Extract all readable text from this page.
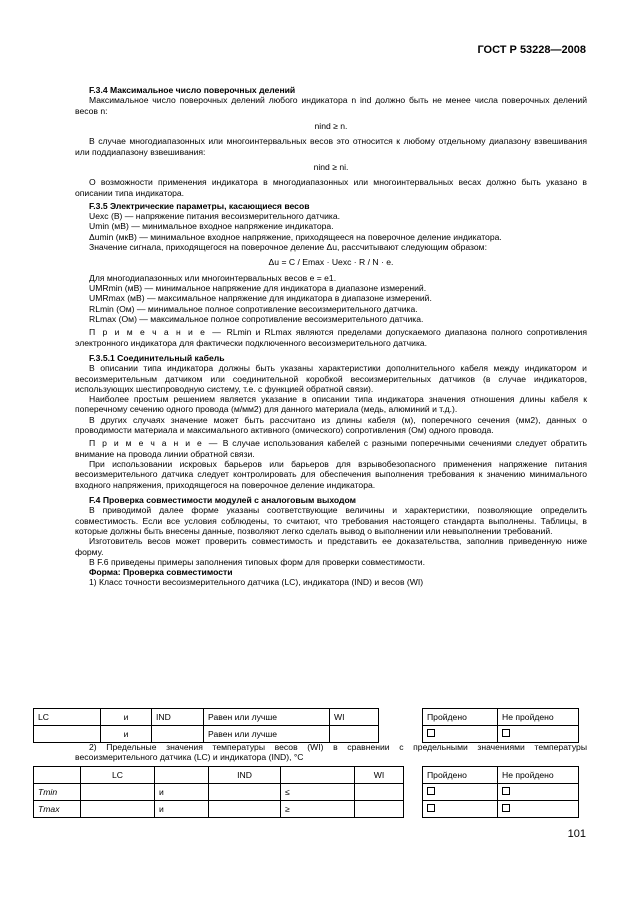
ГОСТ Р 53228—2008

F.3.4 Максимальное число поверочных делений

Максимальное число поверочных делений любого индикатора n ind должно быть не менее числа поверочных делений весов n:

nind ≥ n.

В случае многодиапазонных или многоинтервальных весов это относится к любому отдельному диапазону взвешивания или поддиапазону взвешивания:

nind ≥ ni.

О возможности применения индикатора в многодиапазонных или многоинтервальных весах должно быть указано в описании типа индикатора.

F.3.5 Электрические параметры, касающиеся весов

Uexc (В) — напряжение питания весоизмерительного датчика.

Umin (мВ) — минимальное входное напряжение индикатора.

Δumin (мкВ) — минимальное входное напряжение, приходящееся на поверочное деление индикатора.

Значение сигнала, приходящегося на поверочное деление Δu, рассчитывают следующим образом:

Δu = C / Emax · Uexc · R / N · e.

Для многодиапазонных или многоинтервальных весов e = e1.

UMRmin (мВ) — минимальное напряжение для индикатора в диапазоне измерений.

UMRmax (мВ) — максимальное напряжение для индикатора в диапазоне измерений.

RLmin (Ом) — минимальное полное сопротивление весоизмерительного датчика.

RLmax (Ом) — максимальное полное сопротивление весоизмерительного датчика.

П р и м е ч а н и е — RLmin и RLmax являются пределами допускаемого диапазона полного сопротивления электронного индикатора для фактически подключенного весоизмерительного датчика.

F.3.5.1 Соединительный кабель

В описании типа индикатора должны быть указаны характеристики дополнительного кабеля между индикатором и весоизмерительным датчиком или соединительной коробкой весоизмерительных датчиков (в случае индикаторов, использующих шестипроводную систему, т.е. с функцией обратной связи).

Наиболее простым решением является указание в описании типа индикатора значения отношения длины кабеля к поперечному сечению одного провода (м/мм2) для данного материала (медь, алюминий и т.д.).

В других случаях значение может быть рассчитано из длины кабеля (м), поперечного сечения (мм2), данных о проводимости материала и максимального активного (омического) сопротивления (Ом) одного провода.

П р и м е ч а н и е — В случае использования кабелей с разными поперечными сечениями следует обратить внимание на провода линии обратной связи.

При использовании искровых барьеров или барьеров для взрывобезопасного применения напряжение питания весоизмерительного датчика следует контролировать для обеспечения выполнения требования к значению минимального входного напряжения, приходящегося на поверочное деление индикатора.

F.4 Проверка совместимости модулей с аналоговым выходом

В приводимой далее форме указаны соответствующие величины и характеристики, позволяющие определить совместимость. Если все условия соблюдены, то считают, что требования настоящего стандарта выполнены. Таблицы, в которые должны быть внесены данные, позволяют легко сделать вывод о выполнении или невыполнении требований.

Изготовитель весов может проверить совместимость и представить ее доказательства, заполнив приведенную ниже форму.

В F.6 приведены примеры заполнения типовых форм для проверки совместимости.

Форма: Проверка совместимости

1) Класс точности весоизмерительного датчика (LC), индикатора (IND) и весов (WI)

LC	и	IND	Равен или лучше	WI
	и		Равен или лучше	
Пройдено	Не пройдено

2) Предельные значения температуры весов (WI) в сравнении с предельными значениями температуры весоизмерительного датчика (LC) и индикатора (IND), °C

	LC		IND		WI
Tmin		и		≤	
Tmax		и		≥	
Пройдено	Не пройдено

101
